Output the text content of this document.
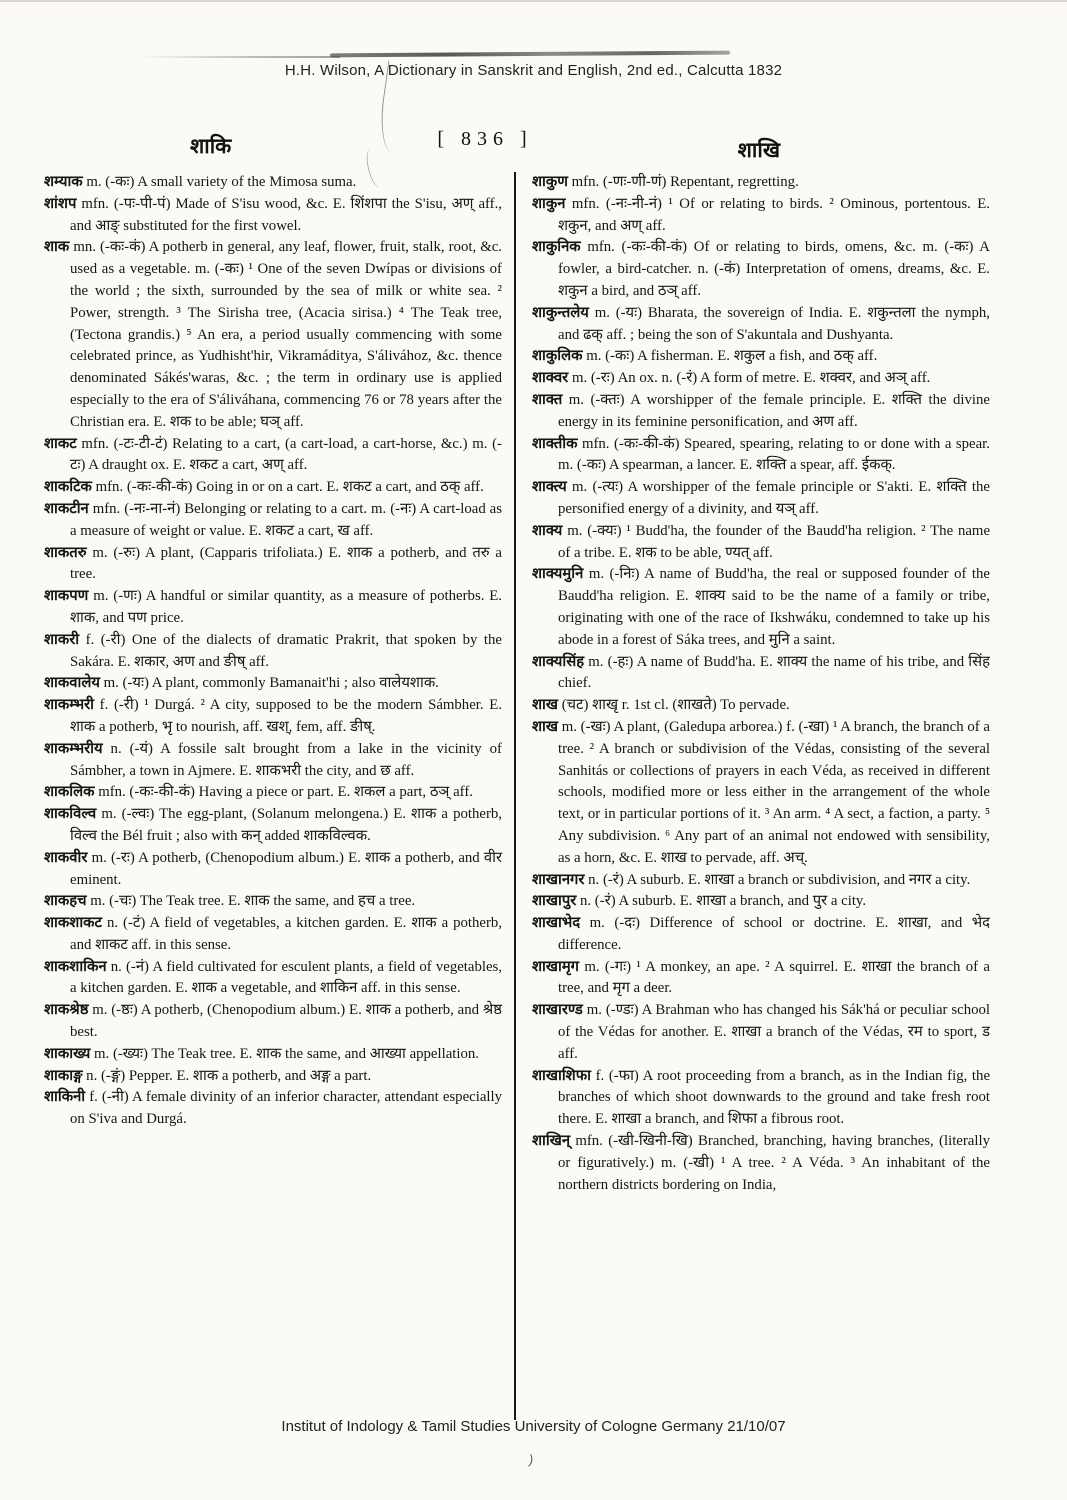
H.H. Wilson, A Dictionary in Sanskrit and English, 2nd ed., Calcutta 1832
शाकि	[ 836 ]	शाखि

शम्याक m. (-कः) A small variety of the Mimosa suma.

शांशप mfn. (-पः-पी-पं) Made of S'isu wood, &c. E. शिंशपा the S'isu, अण् aff., and आङ् substituted for the first vowel.

शाक mn. (-कः-कं) A potherb in general, any leaf, flower, fruit, stalk, root, &c. used as a vegetable. m. (-कः) ¹ One of the seven Dwípas or divisions of the world ; the sixth, surrounded by the sea of milk or white sea. ² Power, strength. ³ The Sirisha tree, (Acacia sirisa.) ⁴ The Teak tree, (Tectona grandis.) ⁵ An era, a period usually commencing with some celebrated prince, as Yudhisht'hir, Vikramáditya, S'álivához, &c. thence denominated Sákés'waras, &c. ; the term in ordinary use is applied especially to the era of S'áliváhana, commencing 76 or 78 years after the Christian era. E. शक to be able; घञ् aff.

शाकट mfn. (-टः-टी-टं) Relating to a cart, (a cart-load, a cart-horse, &c.) m. (-टः) A draught ox. E. शकट a cart, अण् aff.

शाकटिक mfn. (-कः-की-कं) Going in or on a cart. E. शकट a cart, and ठक् aff.

शाकटीन mfn. (-नः-ना-नं) Belonging or relating to a cart. m. (-नः) A cart-load as a measure of weight or value. E. शकट a cart, ख aff.

शाकतरु m. (-रुः) A plant, (Capparis trifoliata.) E. शाक a potherb, and तरु a tree.

शाकपण m. (-णः) A handful or similar quantity, as a measure of potherbs. E. शाक, and पण price.

शाकरी f. (-री) One of the dialects of dramatic Prakrit, that spoken by the Sakára. E. शकार, अण and ङीष् aff.

शाकवालेय m. (-यः) A plant, commonly Bamanait'hi ; also वालेयशाक.

शाकम्भरी f. (-री) ¹ Durgá. ² A city, supposed to be the modern Sámbher. E. शाक a potherb, भृ to nourish, aff. खश्, fem, aff. ङीष्.

शाकम्भरीय n. (-यं) A fossile salt brought from a lake in the vicinity of Sámbher, a town in Ajmere. E. शाकभरी the city, and छ aff.

शाकलिक mfn. (-कः-की-कं) Having a piece or part. E. शकल a part, ठञ् aff.

शाकविल्व m. (-ल्वः) The egg-plant, (Solanum melongena.) E. शाक a potherb, विल्व the Bél fruit ; also with कन् added शाकविल्वक.

शाकवीर m. (-रः) A potherb, (Chenopodium album.) E. शाक a potherb, and वीर eminent.

शाकहच m. (-चः) The Teak tree. E. शाक the same, and हच a tree.

शाकशाकट n. (-टं) A field of vegetables, a kitchen garden. E. शाक a potherb, and शाकट aff. in this sense.

शाकशाकिन n. (-नं) A field cultivated for esculent plants, a field of vegetables, a kitchen garden. E. शाक a vegetable, and शाकिन aff. in this sense.

शाकश्रेष्ठ m. (-ष्ठः) A potherb, (Chenopodium album.) E. शाक a potherb, and श्रेष्ठ best.

शाकाख्य m. (-ख्यः) The Teak tree. E. शाक the same, and आख्या appellation.

शाकाङ्ग n. (-ङ्गं) Pepper. E. शाक a potherb, and अङ्ग a part.

शाकिनी f. (-नी) A female divinity of an inferior character, attendant especially on S'iva and Durgá.

शाकुण mfn. (-णः-णी-णं) Repentant, regretting.

शाकुन mfn. (-नः-नी-नं) ¹ Of or relating to birds. ² Ominous, portentous. E. शकुन, and अण् aff.

शाकुनिक mfn. (-कः-की-कं) Of or relating to birds, omens, &c. m. (-कः) A fowler, a bird-catcher. n. (-कं) Interpretation of omens, dreams, &c. E. शकुन a bird, and ठञ् aff.

शाकुन्तलेय m. (-यः) Bharata, the sovereign of India. E. शकुन्तला the nymph, and ढक् aff. ; being the son of S'akuntala and Dushyanta.

शाकुलिक m. (-कः) A fisherman. E. शकुल a fish, and ठक् aff.

शाक्वर m. (-रः) An ox. n. (-रं) A form of metre. E. शक्वर, and अञ् aff.

शाक्त m. (-क्तः) A worshipper of the female principle. E. शक्ति the divine energy in its feminine personification, and अण aff.

शाक्तीक mfn. (-कः-की-कं) Speared, spearing, relating to or done with a spear. m. (-कः) A spearman, a lancer. E. शक्ति a spear, aff. ईकक्.

शाक्त्य m. (-त्यः) A worshipper of the female principle or S'akti. E. शक्ति the personified energy of a divinity, and यञ् aff.

शाक्य m. (-क्यः) ¹ Budd'ha, the founder of the Baudd'ha religion. ² The name of a tribe. E. शक to be able, ण्यत् aff.

शाक्यमुनि m. (-निः) A name of Budd'ha, the real or supposed founder of the Baudd'ha religion. E. शाक्य said to be the name of a family or tribe, originating with one of the race of Ikshwáku, condemned to take up his abode in a forest of Sáka trees, and मुनि a saint.

शाक्यसिंह m. (-हः) A name of Budd'ha. E. शाक्य the name of his tribe, and सिंह chief.

शाख (चट) शाखृ r. 1st cl. (शाखते) To pervade.

शाख m. (-खः) A plant, (Galedupa arborea.) f. (-खा) ¹ A branch, the branch of a tree. ² A branch or subdivision of the Védas, consisting of the several Sanhitás or collections of prayers in each Véda, as received in different schools, modified more or less either in the arrangement of the whole text, or in particular portions of it. ³ An arm. ⁴ A sect, a faction, a party. ⁵ Any subdivision. ⁶ Any part of an animal not endowed with sensibility, as a horn, &c. E. शाख to pervade, aff. अच्.

शाखानगर n. (-रं) A suburb. E. शाखा a branch or subdivision, and नगर a city.

शाखापुर n. (-रं) A suburb. E. शाखा a branch, and पुर a city.

शाखाभेद m. (-दः) Difference of school or doctrine. E. शाखा, and भेद difference.

शाखामृग m. (-गः) ¹ A monkey, an ape. ² A squirrel. E. शाखा the branch of a tree, and मृग a deer.

शाखारण्ड m. (-ण्डः) A Brahman who has changed his Sák'há or peculiar school of the Védas for another. E. शाखा a branch of the Védas, रम to sport, ड aff.

शाखाशिफा f. (-फा) A root proceeding from a branch, as in the Indian fig, the branches of which shoot downwards to the ground and take fresh root there. E. शाखा a branch, and शिफा a fibrous root.

शाखिन् mfn. (-खी-खिनी-खि) Branched, branching, having branches, (literally or figuratively.) m. (-खी) ¹ A tree. ² A Véda. ³ An inhabitant of the northern districts bordering on India,

Institut of Indology & Tamil Studies University of Cologne Germany 21/10/07
)
